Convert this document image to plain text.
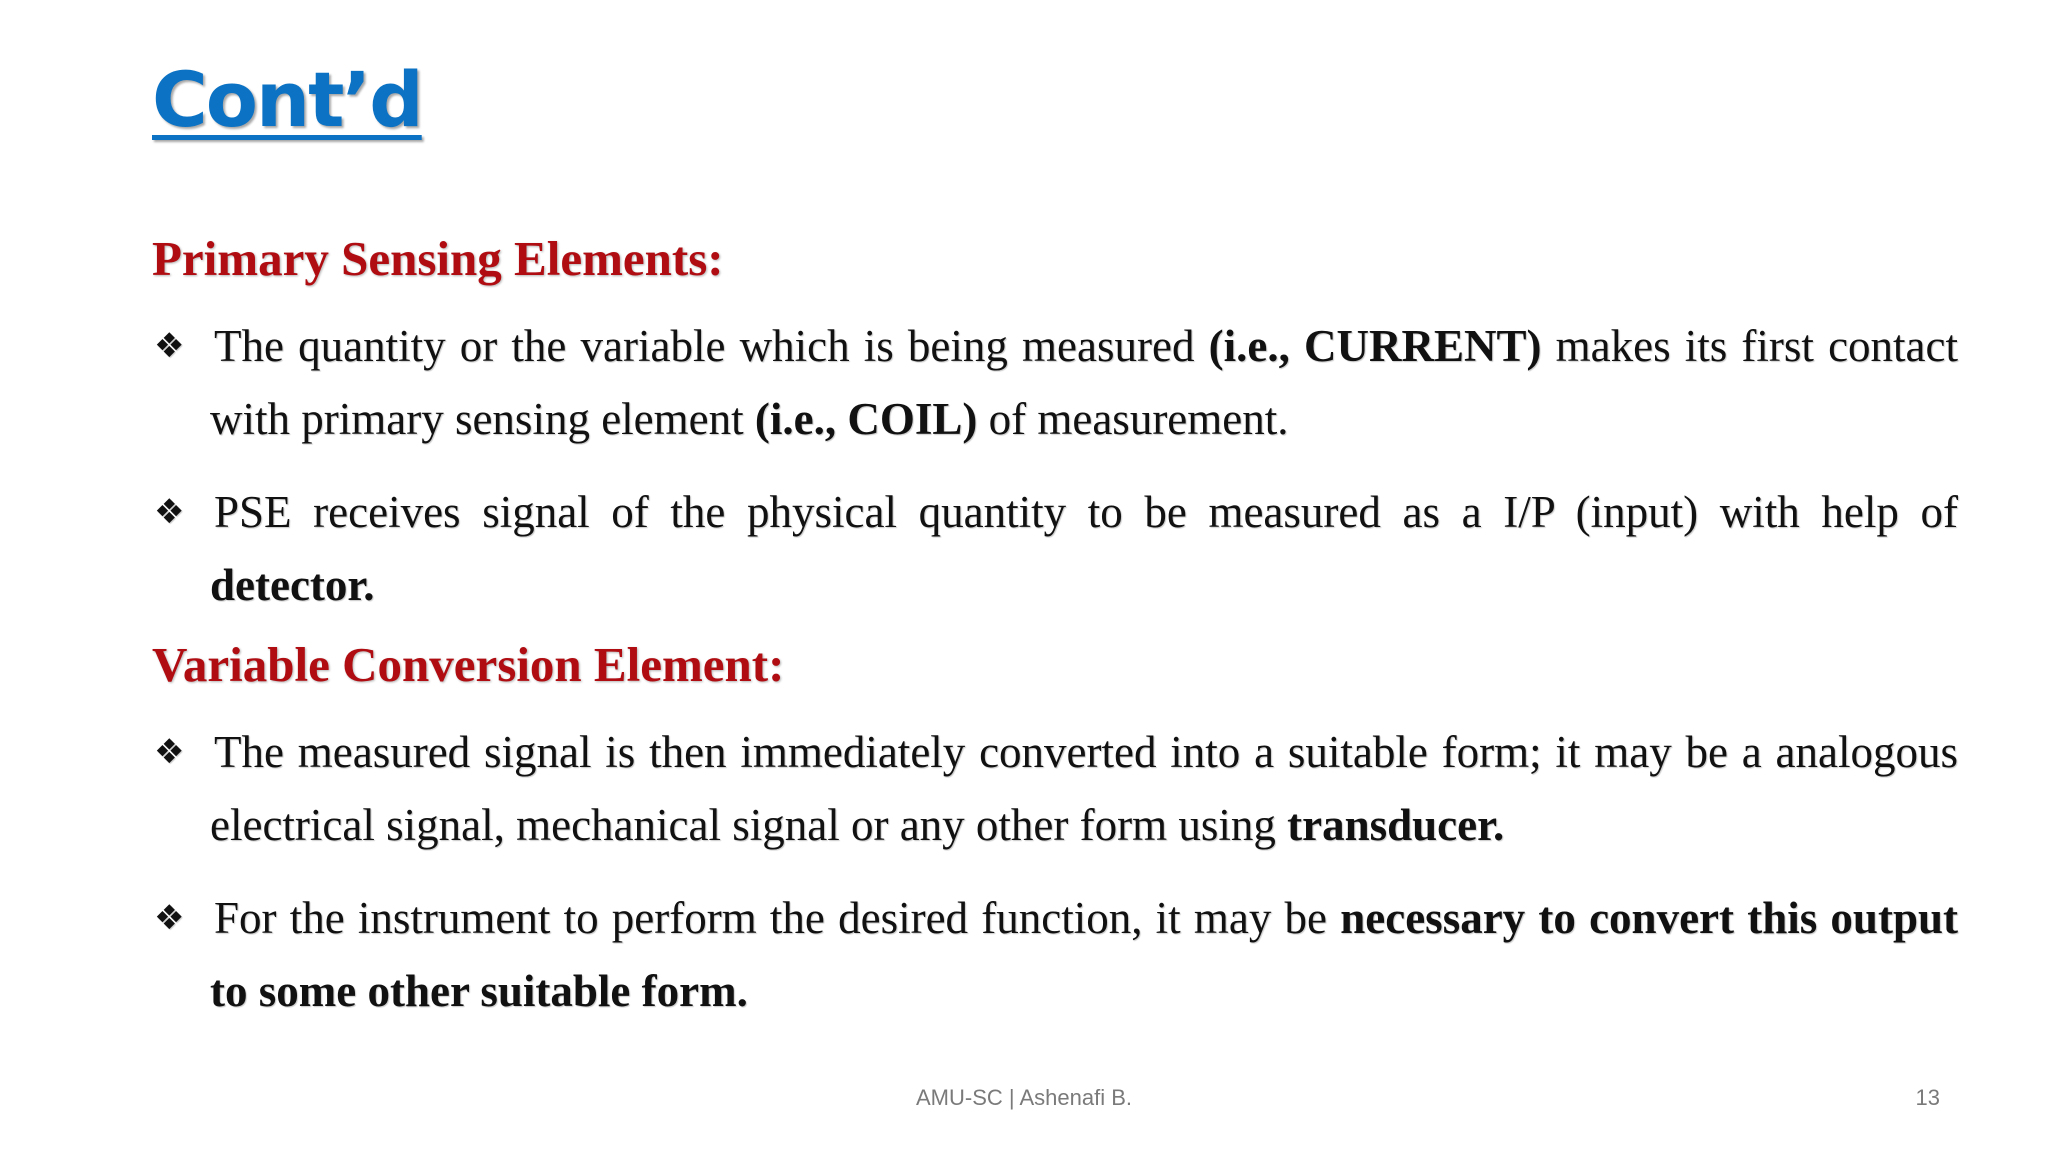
Cont’d
Primary Sensing Elements:
❖ The quantity or the variable which is being measured (i.e., CURRENT) makes its first contact with primary sensing element (i.e., COIL) of measurement.
❖ PSE receives signal of the physical quantity to be measured as a I/P (input) with help of detector.
Variable Conversion Element:
❖ The measured signal is then immediately converted into a suitable form; it may be a analogous electrical signal, mechanical signal or any other form using transducer.
❖ For the instrument to perform the desired function, it may be necessary to convert this output to some other suitable form.
AMU-SC | Ashenafi B.	13
